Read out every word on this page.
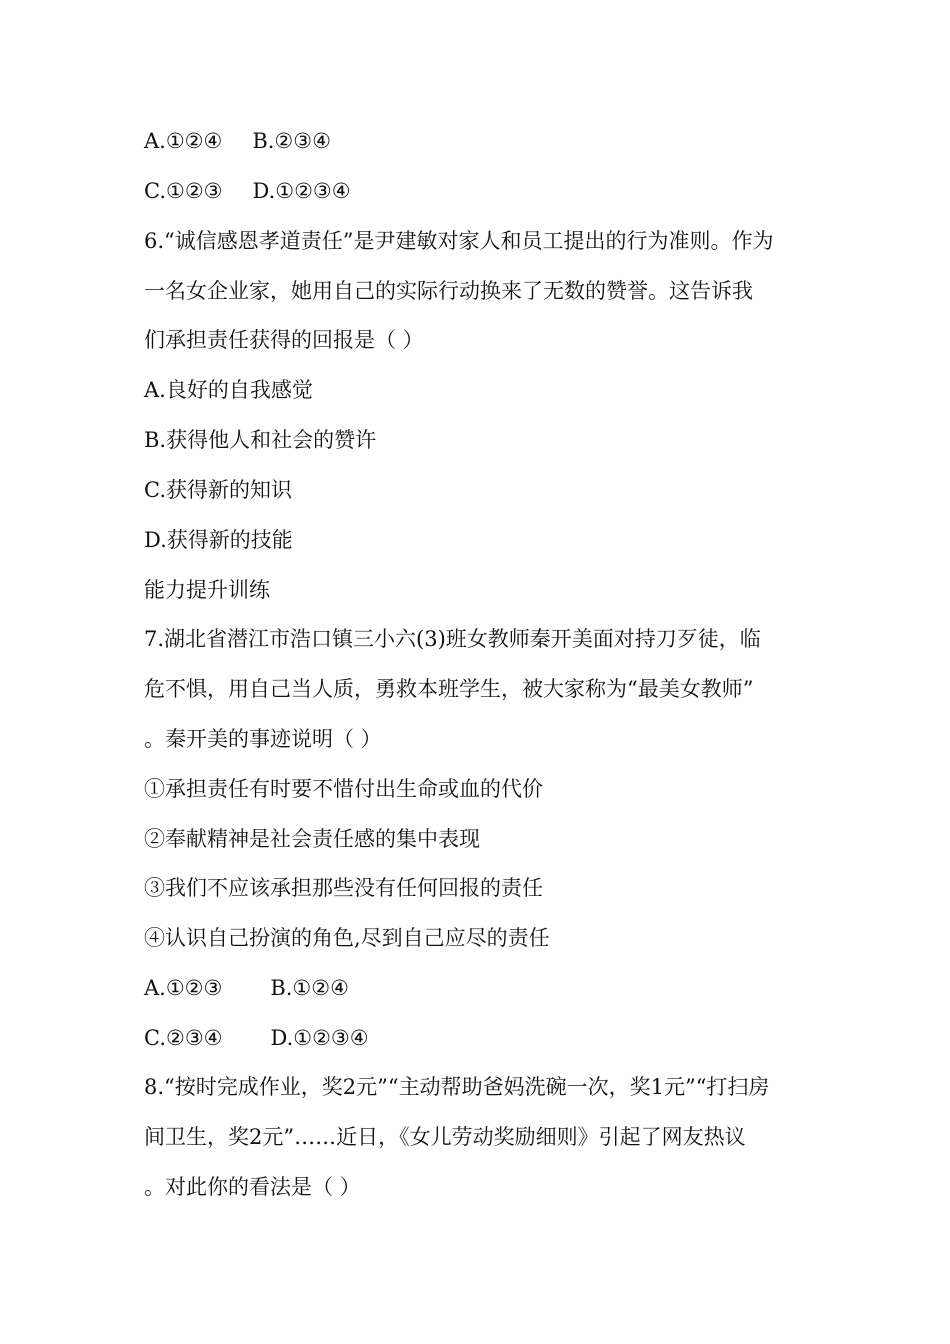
A.①②④ B.②③④
C.①②③ D.①②③④
6.“诚信感恩孝道责任”是尹建敏对家人和员工提出的行为准则。作为
一名女企业家，她用自己的实际行动换来了无数的赞誉。这告诉我
们承担责任获得的回报是（ ）
A.良好的自我感觉
B.获得他人和社会的赞许
C.获得新的知识
D.获得新的技能
能力提升训练
7.湖北省潜江市浩口镇三小六(3)班女教师秦开美面对持刀歹徒，临
危不惧，用自己当人质，勇救本班学生，被大家称为“最美女教师”
。秦开美的事迹说明（ ）
①承担责任有时要不惜付出生命或血的代价
②奉献精神是社会责任感的集中表现
③我们不应该承担那些没有任何回报的责任
④认识自己扮演的角色,尽到自己应尽的责任
A.①②③ B.①②④
C.②③④ D.①②③④
8.“按时完成作业，奖2元”“主动帮助爸妈洗碗一次，奖1元”“打扫房
间卫生，奖2元”……近日，《女儿劳动奖励细则》引起了网友热议
。对此你的看法是（ ）
